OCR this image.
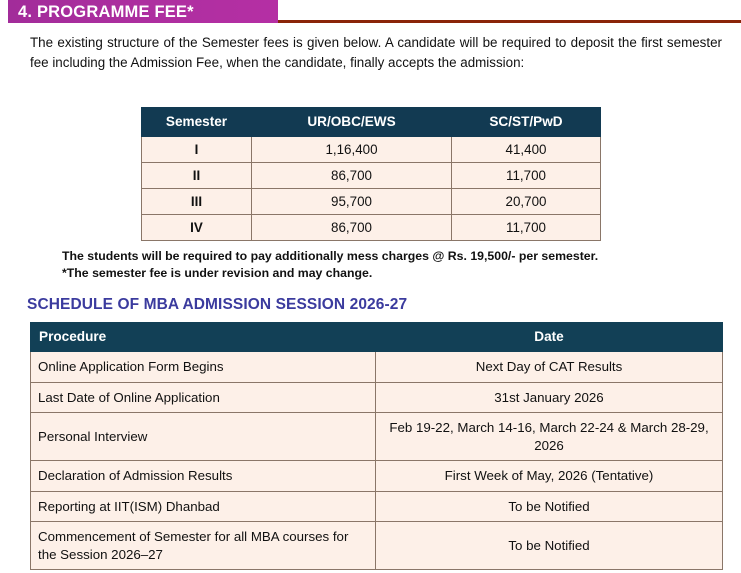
4. PROGRAMME FEE*
The existing structure of the Semester fees is given below. A candidate will be required to deposit the first semester fee including the Admission Fee, when the candidate, finally accepts the admission:
Semester	UR/OBC/EWS	SC/ST/PwD
I	1,16,400	41,400
II	86,700	11,700
III	95,700	20,700
IV	86,700	11,700
The students will be required to pay additionally mess charges @ Rs. 19,500/- per semester.
*The semester fee is under revision and may change.
SCHEDULE OF MBA ADMISSION SESSION 2026-27
Procedure	Date
Online Application Form Begins	Next Day of CAT Results
Last Date of Online Application	31st January 2026
Personal Interview	Feb 19-22, March 14-16, March 22-24 & March 28-29, 2026
Declaration of Admission Results	First Week of May, 2026 (Tentative)
Reporting at IIT(ISM) Dhanbad	To be Notified
Commencement of Semester for all MBA courses for the Session 2026–27	To be Notified
